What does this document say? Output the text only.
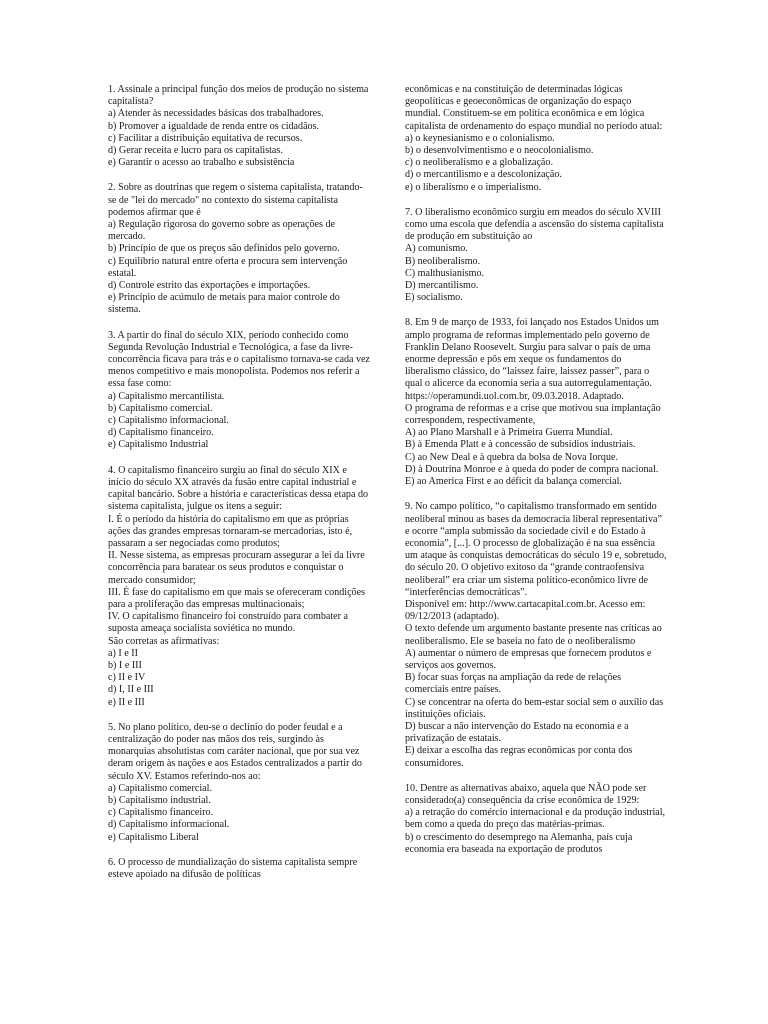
1. Assinale a principal função dos meios de produção no sistema capitalista?
a) Atender às necessidades básicas dos trabalhadores.
b) Promover a igualdade de renda entre os cidadãos.
c) Facilitar a distribuição equitativa de recursos.
d) Gerar receita e lucro para os capitalistas.
e) Garantir o acesso ao trabalho e subsistência
2. Sobre as doutrinas que regem o sistema capitalista, tratando-se de "lei do mercado" no contexto do sistema capitalista podemos afirmar que é
a) Regulação rigorosa do governo sobre as operações de mercado.
b) Princípio de que os preços são definidos pelo governo.
c) Equilíbrio natural entre oferta e procura sem intervenção estatal.
d) Controle estrito das exportações e importações.
e) Princípio de acúmulo de metais para maior controle do sistema.
3. A partir do final do século XIX, período conhecido como Segunda Revolução Industrial e Tecnológica, a fase da livre-concorrência ficava para trás e o capitalismo tornava-se cada vez menos competitivo e mais monopolista. Podemos nos referir a essa fase como:
a) Capitalismo mercantilista.
b) Capitalismo comercial.
c) Capitalismo informacional.
d) Capitalismo financeiro.
e) Capitalismo Industrial
4. O capitalismo financeiro surgiu ao final do século XIX e início do século XX através da fusão entre capital industrial e capital bancário. Sobre a história e características dessa etapa do sistema capitalista, julgue os itens a seguir:
I. É o período da história do capitalismo em que as próprias ações das grandes empresas tornaram-se mercadorias, isto é, passaram a ser negociadas como produtos;
II. Nesse sistema, as empresas procuram assegurar a lei da livre concorrência para baratear os seus produtos e conquistar o mercado consumidor;
III. É fase do capitalismo em que mais se ofereceram condições para a proliferação das empresas multinacionais;
IV. O capitalismo financeiro foi construído para combater a suposta ameaça socialista soviética no mundo.
São corretas as afirmativas:
a) I e II
b) I e III
c) II e IV
d) I, II e III
e) II e III
5. No plano político, deu-se o declínio do poder feudal e a centralização do poder nas mãos dos reis, surgindo às monarquias absolutistas com caráter nacional, que por sua vez deram origem às nações e aos Estados centralizados a partir do século XV. Estamos referindo-nos ao:
a) Capitalismo comercial.
b) Capitalismo industrial.
c) Capitalismo financeiro.
d) Capitalismo informacional.
e) Capitalismo Liberal
6. O processo de mundialização do sistema capitalista sempre esteve apoiado na difusão de políticas
econômicas e na constituição de determinadas lógicas geopolíticas e geoeconômicas de organização do espaço mundial. Constituem-se em política econômica e em lógica capitalista de ordenamento do espaço mundial no período atual:
a) o keynesianismo e o colonialismo.
b) o desenvolvimentismo e o neocolonialismo.
c) o neoliberalismo e a globalização.
d) o mercantilismo e a descolonização.
e) o liberalismo e o imperialismo.
7. O liberalismo econômico surgiu em meados do século XVIII como uma escola que defendia a ascensão do sistema capitalista de produção em substituição ao
A) comunismo.
B) neoliberalismo.
C) malthusianismo.
D) mercantilismo.
E) socialismo.
8. Em 9 de março de 1933, foi lançado nos Estados Unidos um amplo programa de reformas implementado pelo governo de Franklin Delano Roosevelt. Surgiu para salvar o país de uma enorme depressão e pôs em xeque os fundamentos do liberalismo clássico, do “laissez faire, laissez passer”, para o qual o alicerce da economia seria a sua autorregulamentação.
https://operamundi.uol.com.br, 09.03.2018. Adaptado.
O programa de reformas e a crise que motivou sua implantação correspondem, respectivamente,
A) ao Plano Marshall e à Primeira Guerra Mundial.
B) à Emenda Platt e à concessão de subsídios industriais.
C) ao New Deal e à quebra da bolsa de Nova Iorque.
D) à Doutrina Monroe e à queda do poder de compra nacional.
E) ao America First e ao déficit da balança comercial.
9. No campo político, “o capitalismo transformado em sentido neoliberal minou as bases da democracia liberal representativa” e ocorre “ampla submissão da sociedade civil e do Estado à economia”, [...]. O processo de globalização é na sua essência um ataque às conquistas democráticas do século 19 e, sobretudo, do século 20. O objetivo exitoso da “grande contraofensiva neoliberal” era criar um sistema político-econômico livre de “interferências democráticas”.
Disponível em: http://www.cartacapital.com.br. Acesso em: 09/12/2013 (adaptado).
O texto defende um argumento bastante presente nas críticas ao neoliberalismo. Ele se baseia no fato de o neoliberalismo
A) aumentar o número de empresas que fornecem produtos e serviços aos governos.
B) focar suas forças na ampliação da rede de relações comerciais entre países.
C) se concentrar na oferta do bem-estar social sem o auxílio das instituições oficiais.
D) buscar a não intervenção do Estado na economia e a privatização de estatais.
E) deixar a escolha das regras econômicas por conta dos consumidores.
10. Dentre as alternativas abaixo, aquela que NÃO pode ser considerado(a) consequência da crise econômica de 1929:
a) a retração do comércio internacional e da produção industrial, bem como a queda do preço das matérias-primas.
b) o crescimento do desemprego na Alemanha, país cuja economia era baseada na exportação de produtos
